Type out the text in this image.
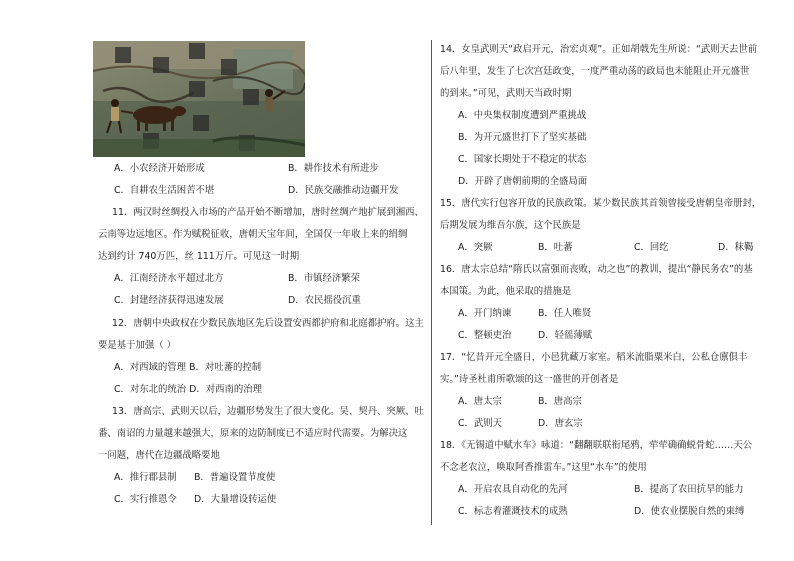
A．小农经济开始形成	B．耕作技术有所进步
C．自耕农生活困苦不堪	D．民族交融推动边疆开发
11．两汉时丝绸投入市场的产品开始不断增加，唐时丝绸产地扩展到湘西、
云南等边远地区。作为赋税征收，唐朝天宝年间，全国仅一年收上来的绢绸
达到约计 740万匹，丝 111万斤。可见这一时期
A．江南经济水平超过北方	B．市镇经济繁荣
C．封建经济获得迅速发展	D．农民摇役沉重
12．唐朝中央政权在少数民族地区先后设置安西都护府和北庭都护府。这主
要是基于加强（ ）
A．对西域的管理 B．对吐蕃的控制
C．对东北的统治 D．对西南的治理
13．唐高宗、武则天以后，边疆形势发生了很大变化。吴、契丹、突厥、吐
番、南诏的力量越来越强大，原来的边防制度已不适应时代需要。为解决这
一问题，唐代在边疆战略要地
A．推行郡县制 B．普遍设置节度使
C．实行推恩令 D．大量增设转运使
14．女皇武则天“政启开元，治宏贞观”。正如胡戟先生所说：“武则天去世前
后八年里，发生了七次宫廷政变，一度严重动荡的政局也未能阻止开元盛世
的到来。”可见，武则天当政时期
A．中央集权制度遭到严重挑战
B．为开元盛世打下了坚实基础
C．国家长期处于不稳定的状态
D．开辟了唐朝前期的全盛局面
15．唐代实行包容开放的民族政策。某少数民族其首领曾接受唐朝皇帝册封，
后期发展为维吾尔族，这个民族是
A．突厥	B．吐蕃	C．回纥	D．秣鞨
16．唐太宗总结“隋氏以富强而丧败，动之也”的教训，提出“静民务农”的基
本国策。为此，他采取的措施是
A．开门纳谏	B．任人唯贤
C．整顿吏治	D．轻徭薄赋
17．“忆昔开元全盛日，小邑犹藏万家室。稻米流脂粟米白，公私仓廪俱丰
实。”诗圣杜甫所歌颂的这一盛世的开创者是
A．唐太宗	B．唐高宗
C．武则天	D．唐玄宗
18．《无锡道中赋水车》咏道：“翻翻联联衔尾鸦，荦荦确确蜕骨蛇……天公
不念老农泣，唤取阿香推雷车。”这里“水车”的使用
A．开启农具自动化的先河	B．提高了农田抗旱的能力
C．标志着灌溉技术的成熟	D．使农业摆脱自然的束缚
